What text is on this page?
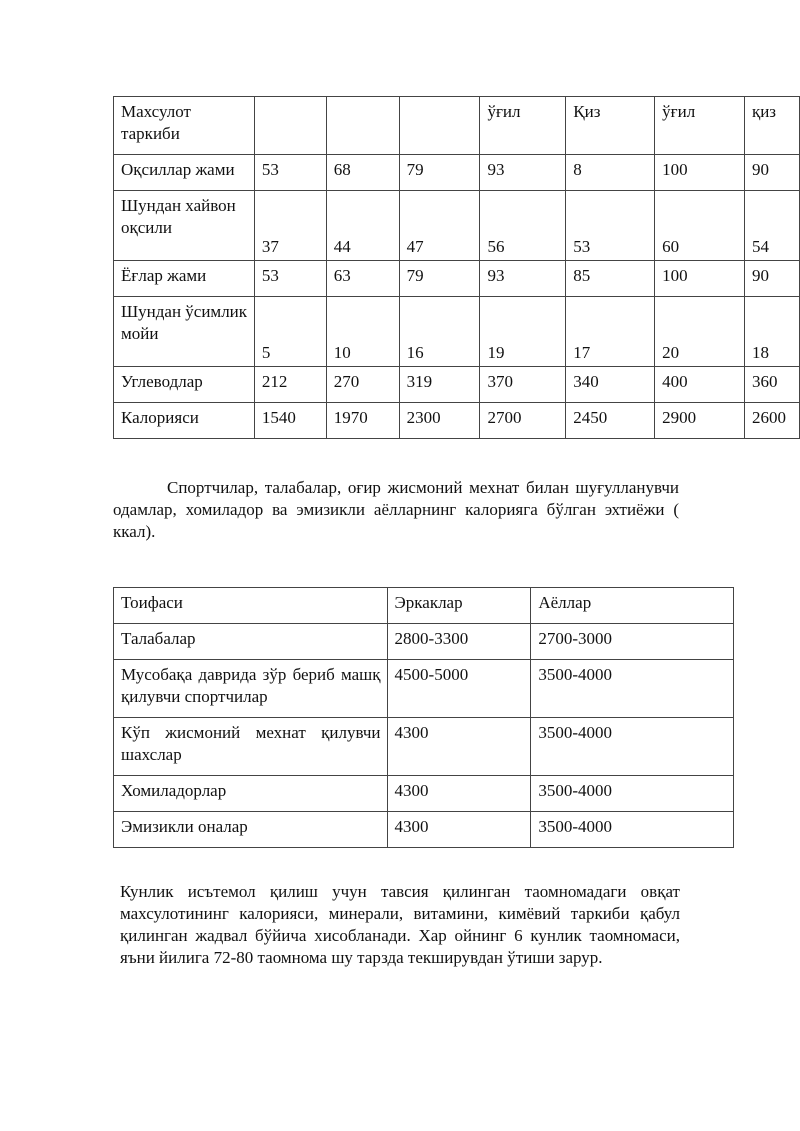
Махсулот таркиби				ўғил	Қиз	ўғил	қиз
Оқсиллар жами	53	68	79	93	8	100	90
Шундан хайвон оқсили	37	44	47	56	53	60	54
Ёғлар жами	53	63	79	93	85	100	90
Шундан ўсимлик мойи	5	10	16	19	17	20	18
Углеводлар	212	270	319	370	340	400	360
Калорияси	1540	1970	2300	2700	2450	2900	2600

Спортчилар, талабалар, оғир жисмоний мехнат билан шуғулланувчи одамлар, хомиладор ва эмизикли аёлларнинг калорияга бўлган эхтиёжи ( ккал).

Тоифаси	Эркаклар	Аёллар
Талабалар	2800-3300	2700-3000
Мусобақа даврида зўр бериб машқ қилувчи спортчилар	4500-5000	3500-4000
Кўп жисмоний мехнат қилувчи шахслар	4300	3500-4000
Хомиладорлар	4300	3500-4000
Эмизикли оналар	4300	3500-4000

Кунлик исътемол қилиш учун тавсия қилинган таомномадаги овқат махсулотининг калорияси, минерали, витамини, кимёвий таркиби қабул қилинган жадвал бўйича хисобланади. Хар ойнинг 6 кунлик таомномаси, яъни йилига 72-80 таомнома шу тарзда текширувдан ўтиши зарур.
